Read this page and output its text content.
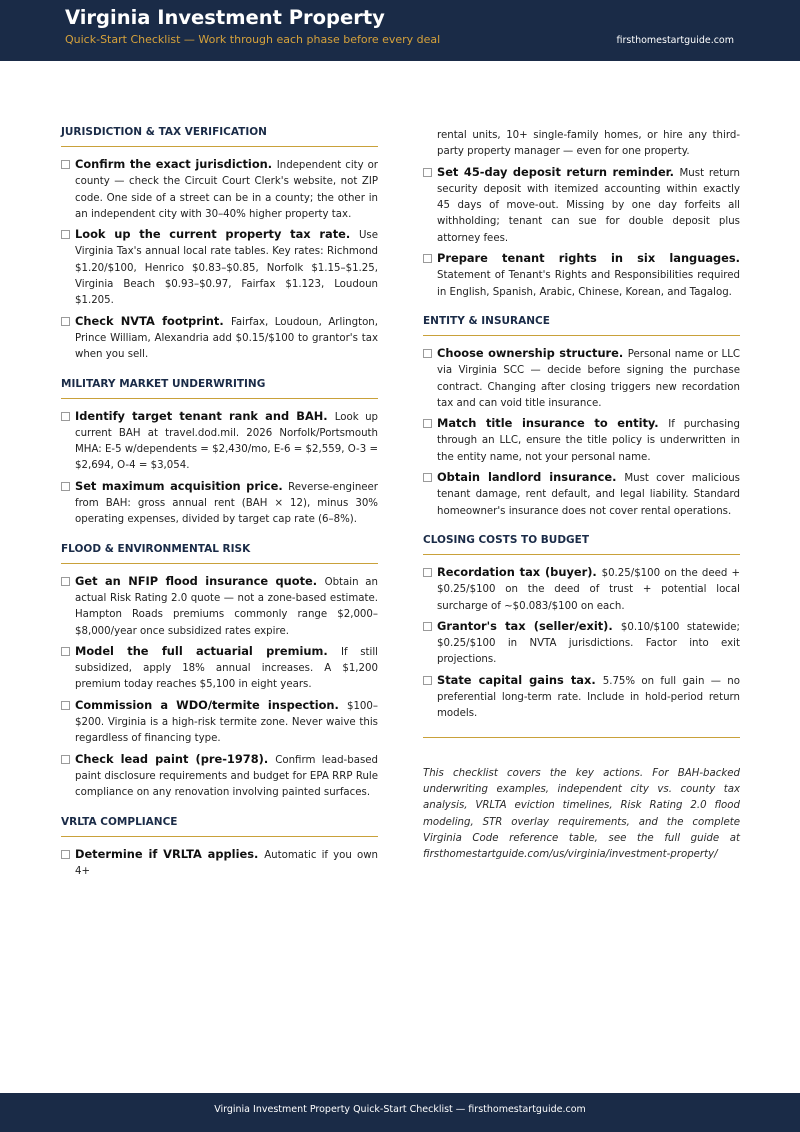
Virginia Investment Property
Quick-Start Checklist — Work through each phase before every deal	firsthomestartguide.com
JURISDICTION & TAX VERIFICATION
Confirm the exact jurisdiction. Independent city or county — check the Circuit Court Clerk's website, not ZIP code. One side of a street can be in a county; the other in an independent city with 30–40% higher property tax.
Look up the current property tax rate. Use Virginia Tax's annual local rate tables. Key rates: Richmond $1.20/$100, Henrico $0.83–$0.85, Norfolk $1.15–$1.25, Virginia Beach $0.93–$0.97, Fairfax $1.123, Loudoun $1.205.
Check NVTA footprint. Fairfax, Loudoun, Arlington, Prince William, Alexandria add $0.15/$100 to grantor's tax when you sell.
MILITARY MARKET UNDERWRITING
Identify target tenant rank and BAH. Look up current BAH at travel.dod.mil. 2026 Norfolk/Portsmouth MHA: E-5 w/dependents = $2,430/mo, E-6 = $2,559, O-3 = $2,694, O-4 = $3,054.
Set maximum acquisition price. Reverse-engineer from BAH: gross annual rent (BAH × 12), minus 30% operating expenses, divided by target cap rate (6–8%).
FLOOD & ENVIRONMENTAL RISK
Get an NFIP flood insurance quote. Obtain an actual Risk Rating 2.0 quote — not a zone-based estimate. Hampton Roads premiums commonly range $2,000–$8,000/year once subsidized rates expire.
Model the full actuarial premium. If still subsidized, apply 18% annual increases. A $1,200 premium today reaches $5,100 in eight years.
Commission a WDO/termite inspection. $100–$200. Virginia is a high-risk termite zone. Never waive this regardless of financing type.
Check lead paint (pre-1978). Confirm lead-based paint disclosure requirements and budget for EPA RRP Rule compliance on any renovation involving painted surfaces.
VRLTA COMPLIANCE
Determine if VRLTA applies. Automatic if you own 4+
rental units, 10+ single-family homes, or hire any third-party property manager — even for one property.
Set 45-day deposit return reminder. Must return security deposit with itemized accounting within exactly 45 days of move-out. Missing by one day forfeits all withholding; tenant can sue for double deposit plus attorney fees.
Prepare tenant rights in six languages. Statement of Tenant's Rights and Responsibilities required in English, Spanish, Arabic, Chinese, Korean, and Tagalog.
ENTITY & INSURANCE
Choose ownership structure. Personal name or LLC via Virginia SCC — decide before signing the purchase contract. Changing after closing triggers new recordation tax and can void title insurance.
Match title insurance to entity. If purchasing through an LLC, ensure the title policy is underwritten in the entity name, not your personal name.
Obtain landlord insurance. Must cover malicious tenant damage, rent default, and legal liability. Standard homeowner's insurance does not cover rental operations.
CLOSING COSTS TO BUDGET
Recordation tax (buyer). $0.25/$100 on the deed + $0.25/$100 on the deed of trust + potential local surcharge of ~$0.083/$100 on each.
Grantor's tax (seller/exit). $0.10/$100 statewide; $0.25/$100 in NVTA jurisdictions. Factor into exit projections.
State capital gains tax. 5.75% on full gain — no preferential long-term rate. Include in hold-period return models.
This checklist covers the key actions. For BAH-backed underwriting examples, independent city vs. county tax analysis, VRLTA eviction timelines, Risk Rating 2.0 flood modeling, STR overlay requirements, and the complete Virginia Code reference table, see the full guide at firsthomestartguide.com/us/virginia/investment-property/
Virginia Investment Property Quick-Start Checklist — firsthomestartguide.com
